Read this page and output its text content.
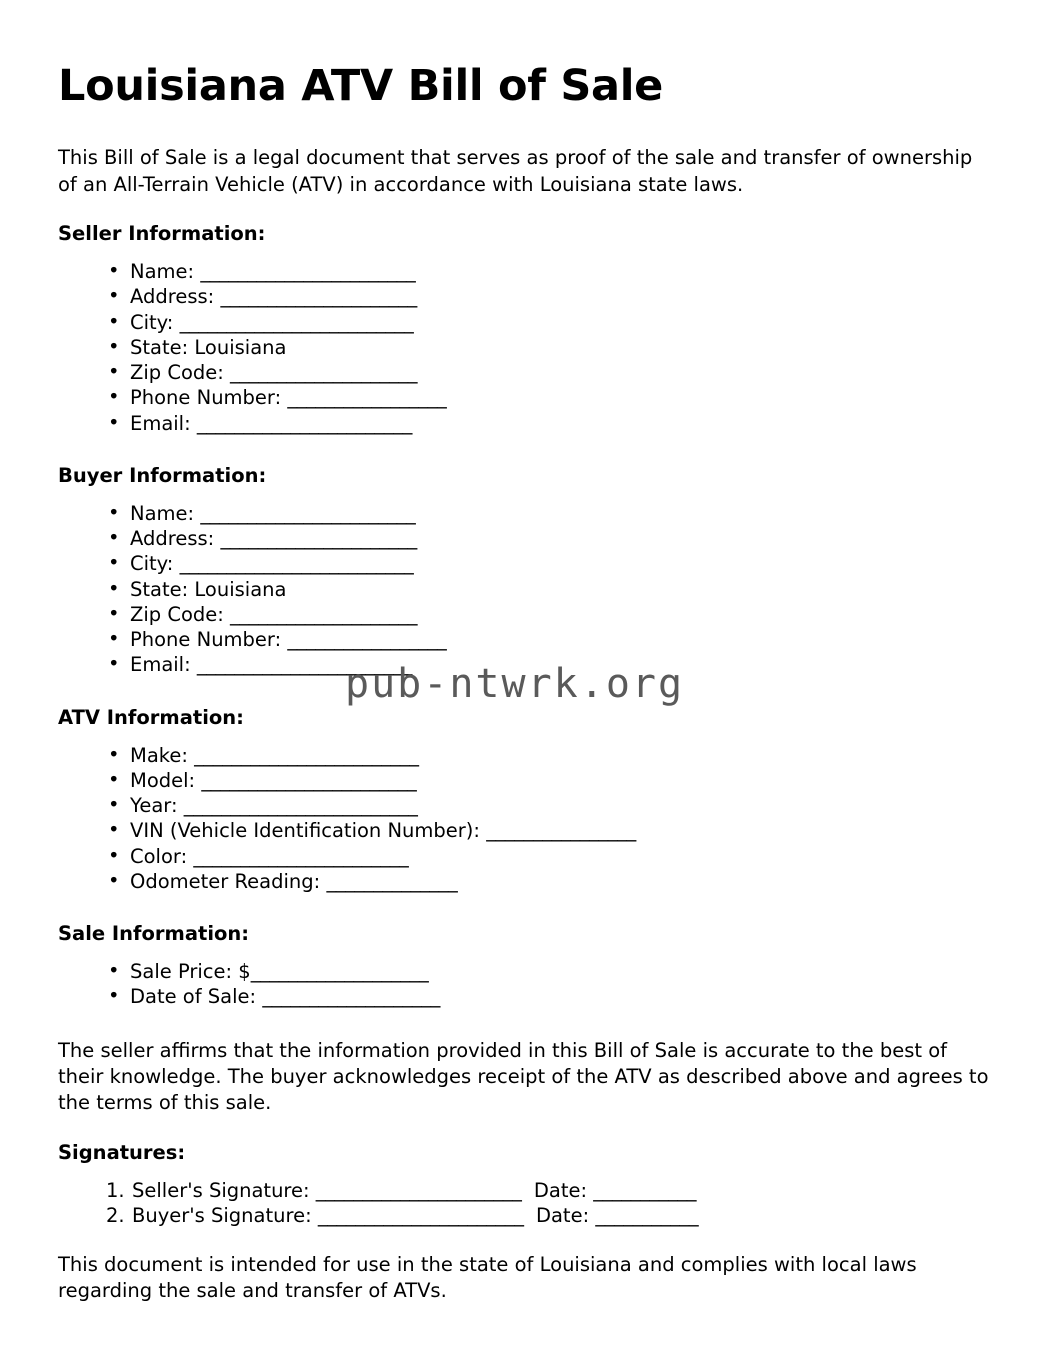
Louisiana ATV Bill of Sale

This Bill of Sale is a legal document that serves as proof of the sale and transfer of ownership of an All-Terrain Vehicle (ATV) in accordance with Louisiana state laws.

Seller Information:
• Name: _______________________
• Address: _____________________
• City: _________________________
• State: Louisiana
• Zip Code: ____________________
• Phone Number: _________________
• Email: _______________________
Buyer Information:
• Name: _______________________
• Address: _____________________
• City: _________________________
• State: Louisiana
• Zip Code: ____________________
• Phone Number: _________________
• Email: _______________________
ATV Information:
• Make: ________________________
• Model: _______________________
• Year: _________________________
• VIN (Vehicle Identification Number): ________________
• Color: _______________________
• Odometer Reading: ______________
Sale Information:
• Sale Price: $___________________
• Date of Sale: ___________________

The seller affirms that the information provided in this Bill of Sale is accurate to the best of their knowledge. The buyer acknowledges receipt of the ATV as described above and agrees to the terms of this sale.

Signatures:
Seller's Signature: ______________________  Date: ___________
Buyer's Signature: ______________________  Date: ___________

This document is intended for use in the state of Louisiana and complies with local laws regarding the sale and transfer of ATVs.

pub-ntwrk.org
